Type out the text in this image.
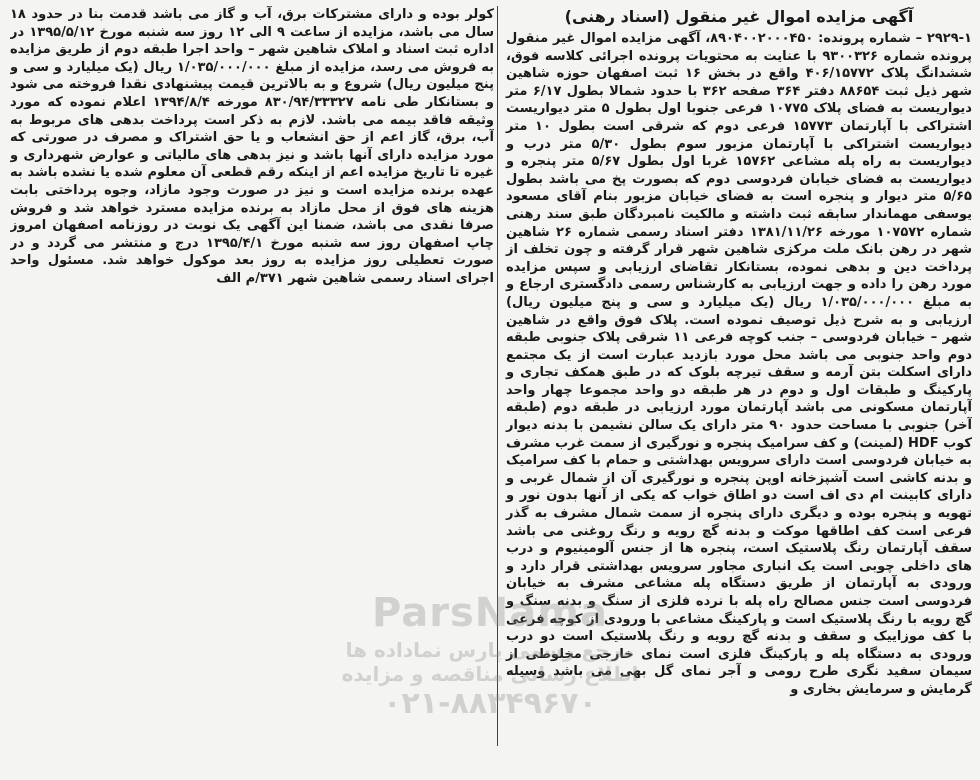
آگهی مزایده اموال غیر منقول (اسناد رهنی)
۲۹۲۹-۱ – شماره پرونده: ۸۹۰۴۰۰۲۰۰۰۴۵۰، آگهی مزایده اموال غیر منقول پرونده شماره ۹۳۰۰۳۲۶ با عنایت به محتویات پرونده اجرائی کلاسه فوق، ششدانگ پلاک ۴۰۶/۱۵۷۷۲ واقع در بخش ۱۶ ثبت اصفهان حوزه شاهین شهر ذیل ثبت ۸۸۶۵۴ دفتر ۳۶۴ صفحه ۳۶۲ با حدود شمالا بطول ۶/۱۷ متر دیواریست به فضای پلاک ۱۰۷۷۵ فرعی جنوبا اول بطول ۵ متر دیواریست اشتراکی با آپارتمان ۱۵۷۷۳ فرعی دوم که شرقی است بطول ۱۰ متر دیواریست اشتراکی با آپارتمان مزبور سوم بطول ۵/۳۰ متر درب و دیواریست به راه پله مشاعی ۱۵۷۶۲ غربا اول بطول ۵/۶۷ متر پنجره و دیواریست به فضای خیابان فردوسی دوم که بصورت پخ می باشد بطول ۵/۶۵ متر دیوار و پنجره است به فضای خیابان مزبور بنام آقای مسعود یوسفی مهماندار سابقه ثبت داشته و مالکیت نامبردگان طبق سند رهنی شماره ۱۰۷۵۷۲ مورخه ۱۳۸۱/۱۱/۲۶ دفتر اسناد رسمی شماره ۲۶ شاهین شهر در رهن بانک ملت مرکزی شاهین شهر قرار گرفته و چون تخلف از پرداخت دین و بدهی نموده، بستانکار تقاضای ارزیابی و سپس مزایده مورد رهن را داده و جهت ارزیابی به کارشناس رسمی دادگستری ارجاع و به مبلغ ۱/۰۳۵/۰۰۰/۰۰۰ ریال (یک میلیارد و سی و پنج میلیون ریال) ارزیابی و به شرح ذیل توصیف نموده است. پلاک فوق واقع در شاهین شهر – خیابان فردوسی – جنب کوچه فرعی ۱۱ شرقی پلاک جنوبی طبقه دوم واحد جنوبی می باشد محل مورد بازدید عبارت است از یک مجتمع دارای اسکلت بتن آرمه و سقف تیرچه بلوک که در طبق همکف تجاری و پارکینگ و طبقات اول و دوم در هر طبقه دو واحد مجموعا چهار واحد آپارتمان مسکونی می باشد آپارتمان مورد ارزیابی در طبقه دوم (طبقه آخر) جنوبی با مساحت حدود ۹۰ متر دارای یک سالن نشیمن با بدنه دیوار کوب HDF (لمینت) و کف سرامیک پنجره و نورگیری از سمت غرب مشرف به خیابان فردوسی است دارای سرویس بهداشتی و حمام با کف سرامیک و بدنه کاشی است آشپزخانه اوپن پنجره و نورگیری آن از شمال غربی و دارای کابینت ام دی اف است دو اطاق خواب که یکی از آنها بدون نور و تهویه و پنجره بوده و دیگری دارای پنجره از سمت شمال مشرف به گذر فرعی است کف اطاقها موکت و بدنه گچ رویه و رنگ روغنی می باشد سقف آپارتمان رنگ پلاستیک است، پنجره ها از جنس آلومینیوم و درب های داخلی چوبی است یک انباری مجاور سرویس بهداشتی قرار دارد و ورودی به آپارتمان از طریق دستگاه پله مشاعی مشرف به خیابان فردوسی است جنس مصالح راه پله با نرده فلزی از سنگ و بدنه سنگ و گچ رویه با رنگ پلاستیک است و پارکینگ مشاعی با ورودی از کوچه فرعی با کف موزاییک و سقف و بدنه گچ رویه و رنگ پلاستیک است دو درب ورودی به دستگاه پله و پارکینگ فلزی است نمای خارجی مخلوطی از سیمان سفید نگری طرح رومی و آجر نمای گل بهی می باشد وسیله گرمایش و سرمایش بخاری و
کولر بوده و دارای مشترکات برق، آب و گاز می باشد قدمت بنا در حدود ۱۸ سال می باشد، مزایده از ساعت ۹ الی ۱۲ روز سه شنبه مورخ ۱۳۹۵/۵/۱۲ در اداره ثبت اسناد و املاک شاهین شهر – واحد اجرا طبقه دوم از طریق مزایده به فروش می رسد، مزایده از مبلغ ۱/۰۳۵/۰۰۰/۰۰۰ ریال (یک میلیارد و سی و پنج میلیون ریال) شروع و به بالاترین قیمت پیشنهادی نقدا فروخته می شود و بستانکار طی نامه ۸۳۰/۹۴/۳۳۳۲۷ مورخه ۱۳۹۴/۸/۴ اعلام نموده که مورد وثیقه فاقد بیمه می باشد. لازم به ذکر است پرداخت بدهی های مربوط به آب، برق، گاز اعم از حق انشعاب و یا حق اشتراک و مصرف در صورتی که مورد مزایده دارای آنها باشد و نیز بدهی های مالیاتی و عوارض شهرداری و غیره تا تاریخ مزایده اعم از اینکه رقم قطعی آن معلوم شده یا نشده باشد به عهده برنده مزایده است و نیز در صورت وجود مازاد، وجوه پرداختی بابت هزینه های فوق از محل مازاد به برنده مزایده مسترد خواهد شد و فروش صرفا نقدی می باشد، ضمنا این آگهی یک نوبت در روزنامه اصفهان امروز چاپ اصفهان روز سه شنبه مورخ ۱۳۹۵/۴/۱ درج و منتشر می گردد و در صورت تعطیلی روز مزایده به روز بعد موکول خواهد شد. مسئول واحد اجرای اسناد رسمی شاهین شهر ۳۷۱/م الف
ParsNama
مرجع رسمی پارس نماداده ها
اطلاع رسانی مناقصه و مزایده
۰۲۱-۸۸۳۴۹۶۷۰
